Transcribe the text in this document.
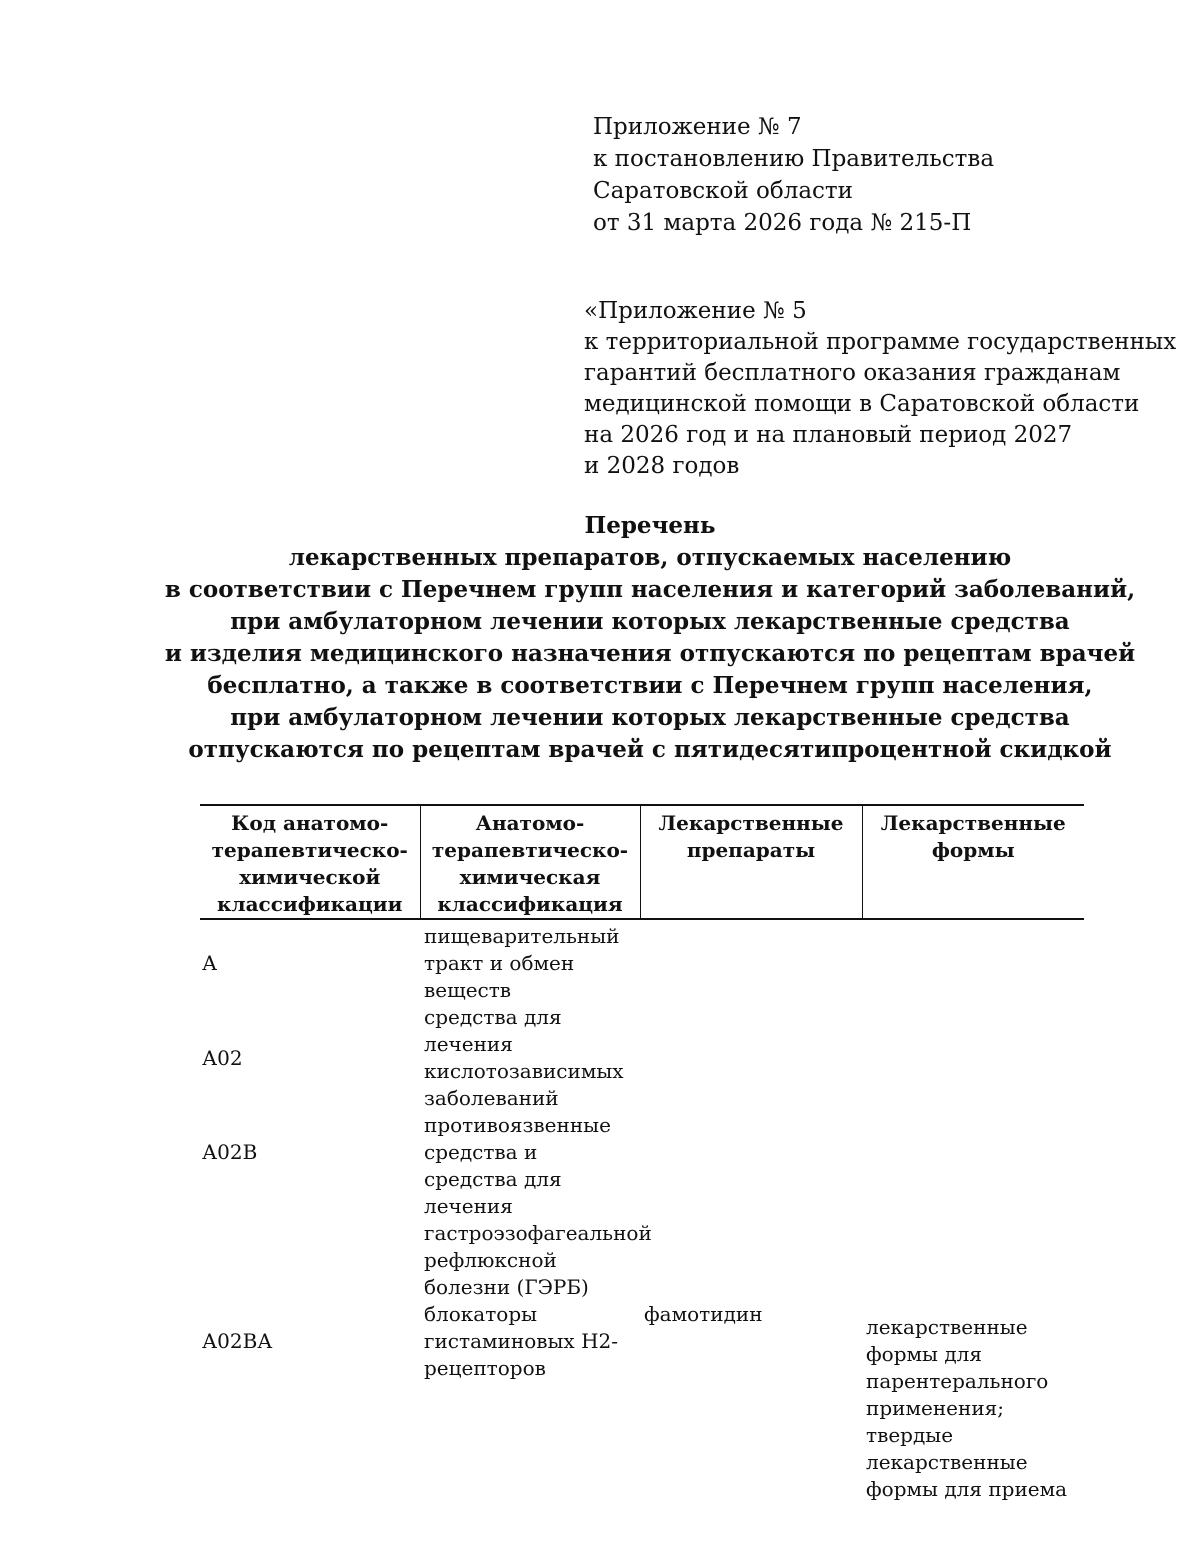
Приложение № 7
к постановлению Правительства
Саратовской области
от 31 марта 2026 года № 215-П
«Приложение № 5
к территориальной программе государственных
гарантий бесплатного оказания гражданам
медицинской помощи в Саратовской области
на 2026 год и на плановый период 2027
и 2028 годов
Перечень
лекарственных препаратов, отпускаемых населению
в соответствии с Перечнем групп населения и категорий заболеваний,
при амбулаторном лечении которых лекарственные средства
и изделия медицинского назначения отпускаются по рецептам врачей
бесплатно, а также в соответствии с Перечнем групп населения,
при амбулаторном лечении которых лекарственные средства
отпускаются по рецептам врачей с пятидесятипроцентной скидкой
Код анатомо-терапевтическо-химической классификации	Анатомо-терапевтическо-химическая классификация	Лекарственные препараты	Лекарственные формы
А	пищеварительный тракт и обмен веществ		
А02	средства для лечения кислотозависимых заболеваний		
А02В	противоязвенные средства и средства для лечения гастроэзофагеальной рефлюксной болезни (ГЭРБ)		
А02ВА	блокаторы гистаминовых Н2-рецепторов	фамотидин	лекарственные формы для парентерального применения; твердые лекарственные формы для приема
